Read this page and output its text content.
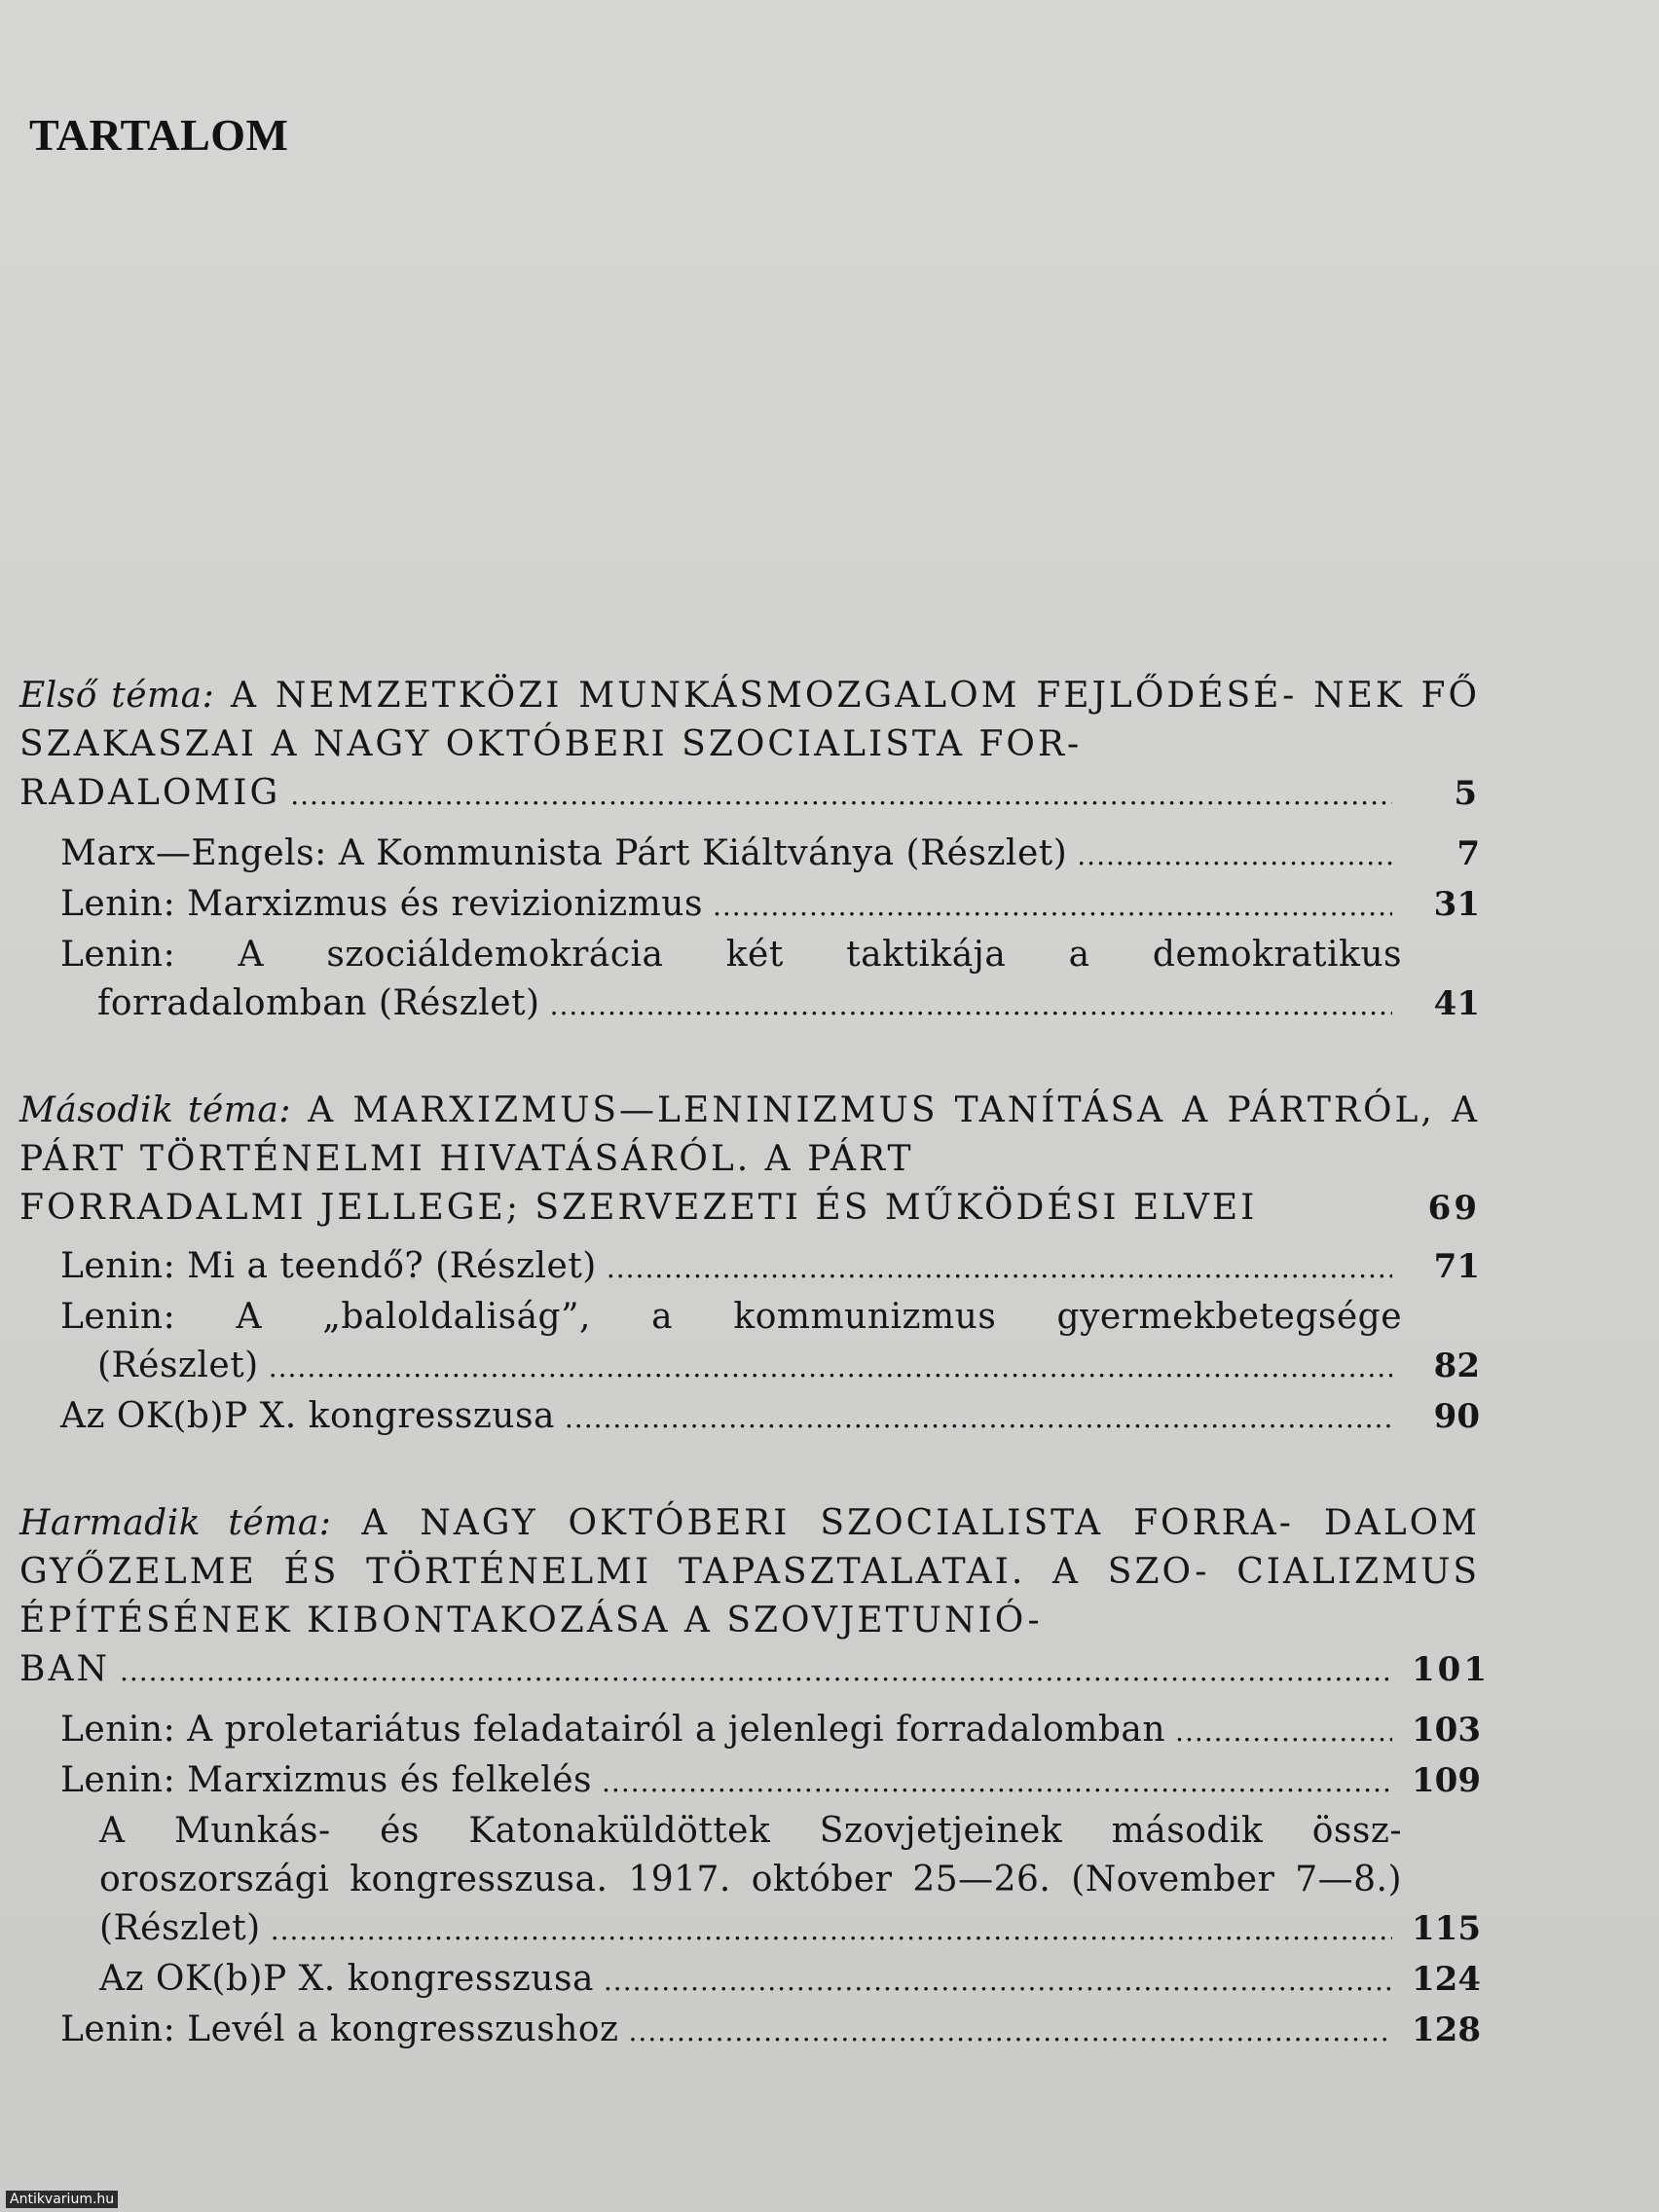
TARTALOM
Első téma: A NEMZETKÖZI MUNKÁSMOZGALOM FEJLŐDÉSÉ- NEK FŐ SZAKASZAI A NAGY OKTÓBERI SZOCIALISTA FOR-
RADALOMIG .....	5
Marx—Engels: A Kommunista Párt Kiáltványa (Részlet) .....	7
Lenin: Marxizmus és revizionizmus .....	31
Lenin: A szociáldemokrácia két taktikája a demokratikus
forradalomban (Részlet) .....	41
Második téma: A MARXIZMUS—LENINIZMUS TANÍTÁSA A PÁRTRÓL, A PÁRT TÖRTÉNELMI HIVATÁSÁRÓL. A PÁRT
FORRADALMI JELLEGE; SZERVEZETI ÉS MŰKÖDÉSI ELVEI	69
Lenin: Mi a teendő? (Részlet) .....	71
Lenin: A „baloldaliság”, a kommunizmus gyermekbetegsége
(Részlet) .....	82
Az OK(b)P X. kongresszusa .....	90
Harmadik téma: A NAGY OKTÓBERI SZOCIALISTA FORRA- DALOM GYŐZELME ÉS TÖRTÉNELMI TAPASZTALATAI. A SZO- CIALIZMUS ÉPÍTÉSÉNEK KIBONTAKOZÁSA A SZOVJETUNIÓ-
BAN .....	101
Lenin: A proletariátus feladatairól a jelenlegi forradalomban .....	103
Lenin: Marxizmus és felkelés .....	109
A Munkás- és Katonaküldöttek Szovjetjeinek második össz-
oroszországi kongresszusa. 1917. október 25—26. (November 7—8.)
(Részlet) .....	115
Az OK(b)P X. kongresszusa .....	124
Lenin: Levél a kongresszushoz .....	128
Antikvarium.hu
